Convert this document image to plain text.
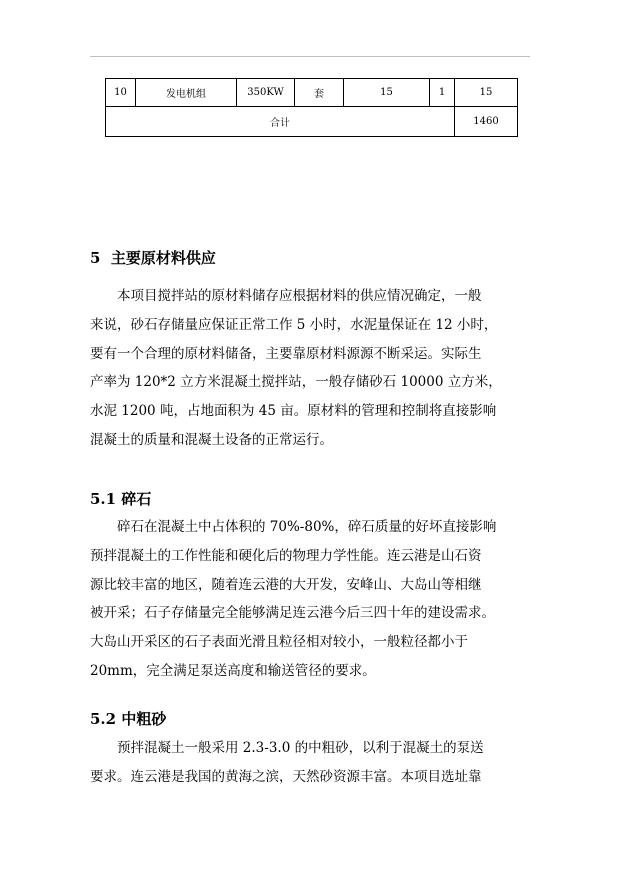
10	发电机组	350KW	套	15	1	15
合计						1460
5 主要原材料供应
　　本项目搅拌站的原材料储存应根据材料的供应情况确定，一般
来说，砂石存储量应保证正常工作 5 小时，水泥量保证在 12 小时，
要有一个合理的原材料储备，主要靠原材料源源不断采运。实际生
产率为 120*2 立方米混凝土搅拌站，一般存储砂石 10000 立方米，
水泥 1200 吨，占地面积为 45 亩。原材料的管理和控制将直接影响
混凝土的质量和混凝土设备的正常运行。
5.1 碎石
　　碎石在混凝土中占体积的 70%-80%，碎石质量的好坏直接影响
预拌混凝土的工作性能和硬化后的物理力学性能。连云港是山石资
源比较丰富的地区，随着连云港的大开发，安峰山、大岛山等相继
被开采；石子存储量完全能够满足连云港今后三四十年的建设需求。
大岛山开采区的石子表面光滑且粒径相对较小，一般粒径都小于
20mm，完全满足泵送高度和输送管径的要求。
5.2 中粗砂
　　预拌混凝土一般采用 2.3-3.0 的中粗砂，以利于混凝土的泵送
要求。连云港是我国的黄海之滨，天然砂资源丰富。本项目选址靠
